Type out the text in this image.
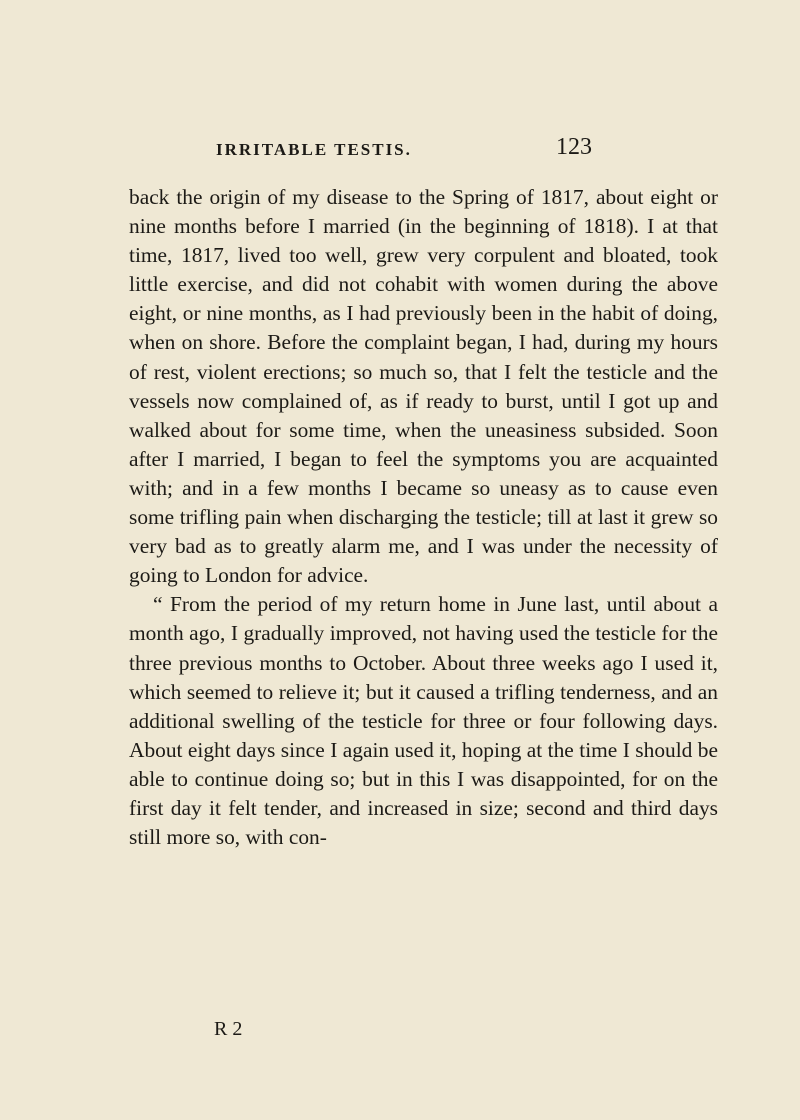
IRRITABLE TESTIS.	123

back the origin of my disease to the Spring of 1817, about eight or nine months before I married (in the beginning of 1818). I at that time, 1817, lived too well, grew very corpulent and bloated, took little exercise, and did not cohabit with women during the above eight, or nine months, as I had previously been in the habit of doing, when on shore. Before the complaint began, I had, during my hours of rest, violent erections; so much so, that I felt the testicle and the vessels now complained of, as if ready to burst, until I got up and walked about for some time, when the uneasiness subsided. Soon after I married, I began to feel the symptoms you are acquainted with; and in a few months I became so uneasy as to cause even some trifling pain when discharging the testicle; till at last it grew so very bad as to greatly alarm me, and I was under the necessity of going to London for advice.

“ From the period of my return home in June last, until about a month ago, I gradually improved, not having used the testicle for the three previous months to October. About three weeks ago I used it, which seemed to relieve it; but it caused a trifling tenderness, and an additional swelling of the testicle for three or four following days. About eight days since I again used it, hoping at the time I should be able to continue doing so; but in this I was disappointed, for on the first day it felt tender, and increased in size; second and third days still more so, with con-

R 2
